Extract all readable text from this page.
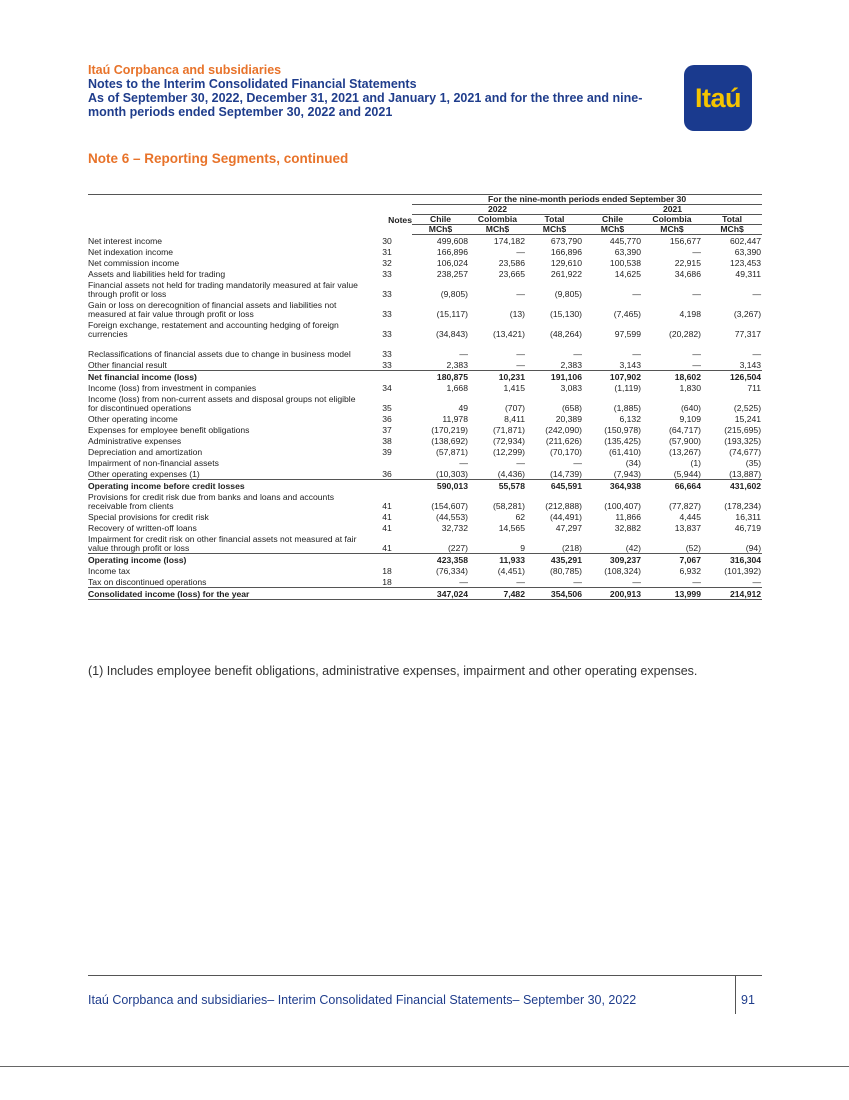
Itaú Corpbanca and subsidiaries
Notes to the Interim Consolidated Financial Statements
As of September 30, 2022, December 31, 2021 and January 1, 2021 and for the three and nine-
month periods ended September 30, 2022 and 2021	Itaú
Note 6 – Reporting Segments, continued
		For the nine-month periods ended September 30					
		2022			2021		
	Notes	Chile	Colombia	Total	Chile	Colombia	Total
		MCh$	MCh$	MCh$	MCh$	MCh$	MCh$
Net interest income	30	499,608	174,182	673,790	445,770	156,677	602,447
Net indexation income	31	166,896	—	166,896	63,390	—	63,390
Net commission income	32	106,024	23,586	129,610	100,538	22,915	123,453
Assets and liabilities held for trading	33	238,257	23,665	261,922	14,625	34,686	49,311
Financial assets not held for trading mandatorily measured at fair value through profit or loss	33	(9,805)	—	(9,805)	—	—	—
Gain or loss on derecognition of financial assets and liabilities not measured at fair value through profit or loss	33	(15,117)	(13)	(15,130)	(7,465)	4,198	(3,267)
Foreign exchange, restatement and accounting hedging of foreign currencies	33	(34,843)	(13,421)	(48,264)	97,599	(20,282)	77,317
Reclassifications of financial assets due to change in business model	33	—	—	—	—	—	—
Other financial result	33	2,383	—	2,383	3,143	—	3,143
Net financial income (loss)		180,875	10,231	191,106	107,902	18,602	126,504
Income (loss) from investment in companies	34	1,668	1,415	3,083	(1,119)	1,830	711
Income (loss) from non-current assets and disposal groups not eligible for discontinued operations	35	49	(707)	(658)	(1,885)	(640)	(2,525)
Other operating income	36	11,978	8,411	20,389	6,132	9,109	15,241
Expenses for employee benefit obligations	37	(170,219)	(71,871)	(242,090)	(150,978)	(64,717)	(215,695)
Administrative expenses	38	(138,692)	(72,934)	(211,626)	(135,425)	(57,900)	(193,325)
Depreciation and amortization	39	(57,871)	(12,299)	(70,170)	(61,410)	(13,267)	(74,677)
Impairment of non-financial assets		—	—	—	(34)	(1)	(35)
Other operating expenses (1)	36	(10,303)	(4,436)	(14,739)	(7,943)	(5,944)	(13,887)
Operating income before credit losses		590,013	55,578	645,591	364,938	66,664	431,602
Provisions for credit risk due from banks and loans and accounts receivable from clients	41	(154,607)	(58,281)	(212,888)	(100,407)	(77,827)	(178,234)
Special provisions for credit risk	41	(44,553)	62	(44,491)	11,866	4,445	16,311
Recovery of written-off loans	41	32,732	14,565	47,297	32,882	13,837	46,719
Impairment for credit risk on other financial assets not measured at fair value through profit or loss	41	(227)	9	(218)	(42)	(52)	(94)
Operating income (loss)		423,358	11,933	435,291	309,237	7,067	316,304
Income tax	18	(76,334)	(4,451)	(80,785)	(108,324)	6,932	(101,392)
Tax on discontinued operations	18	—	—	—	—	—	—
Consolidated income (loss) for the year		347,024	7,482	354,506	200,913	13,999	214,912
(1) Includes employee benefit obligations, administrative expenses, impairment and other operating expenses.
Itaú Corpbanca and subsidiaries– Interim Consolidated Financial Statements– September 30, 2022	91
